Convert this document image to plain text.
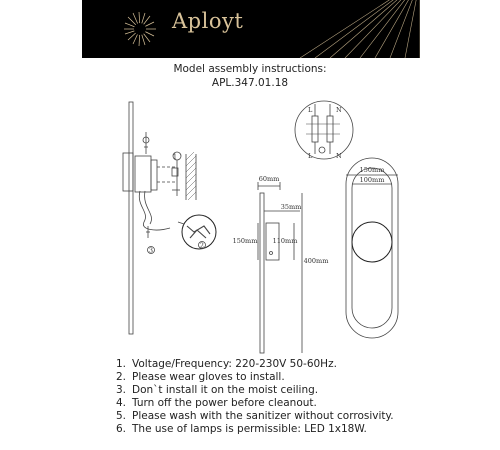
Aployt
Model assembly instructions:
APL.347.01.18
60mm
35mm
150mm 110mm
400mm
150mm
100mm
L	N
L	N
1
2
3
1. Voltage/Frequency: 220-230V 50-60Hz.
2. Please wear gloves to install.
3. Don`t install it on the moist ceiling.
4. Turn off the power before cleanout.
5. Please wash with the sanitizer without corrosivity.
6. The use of lamps is permissible: LED 1x18W.
